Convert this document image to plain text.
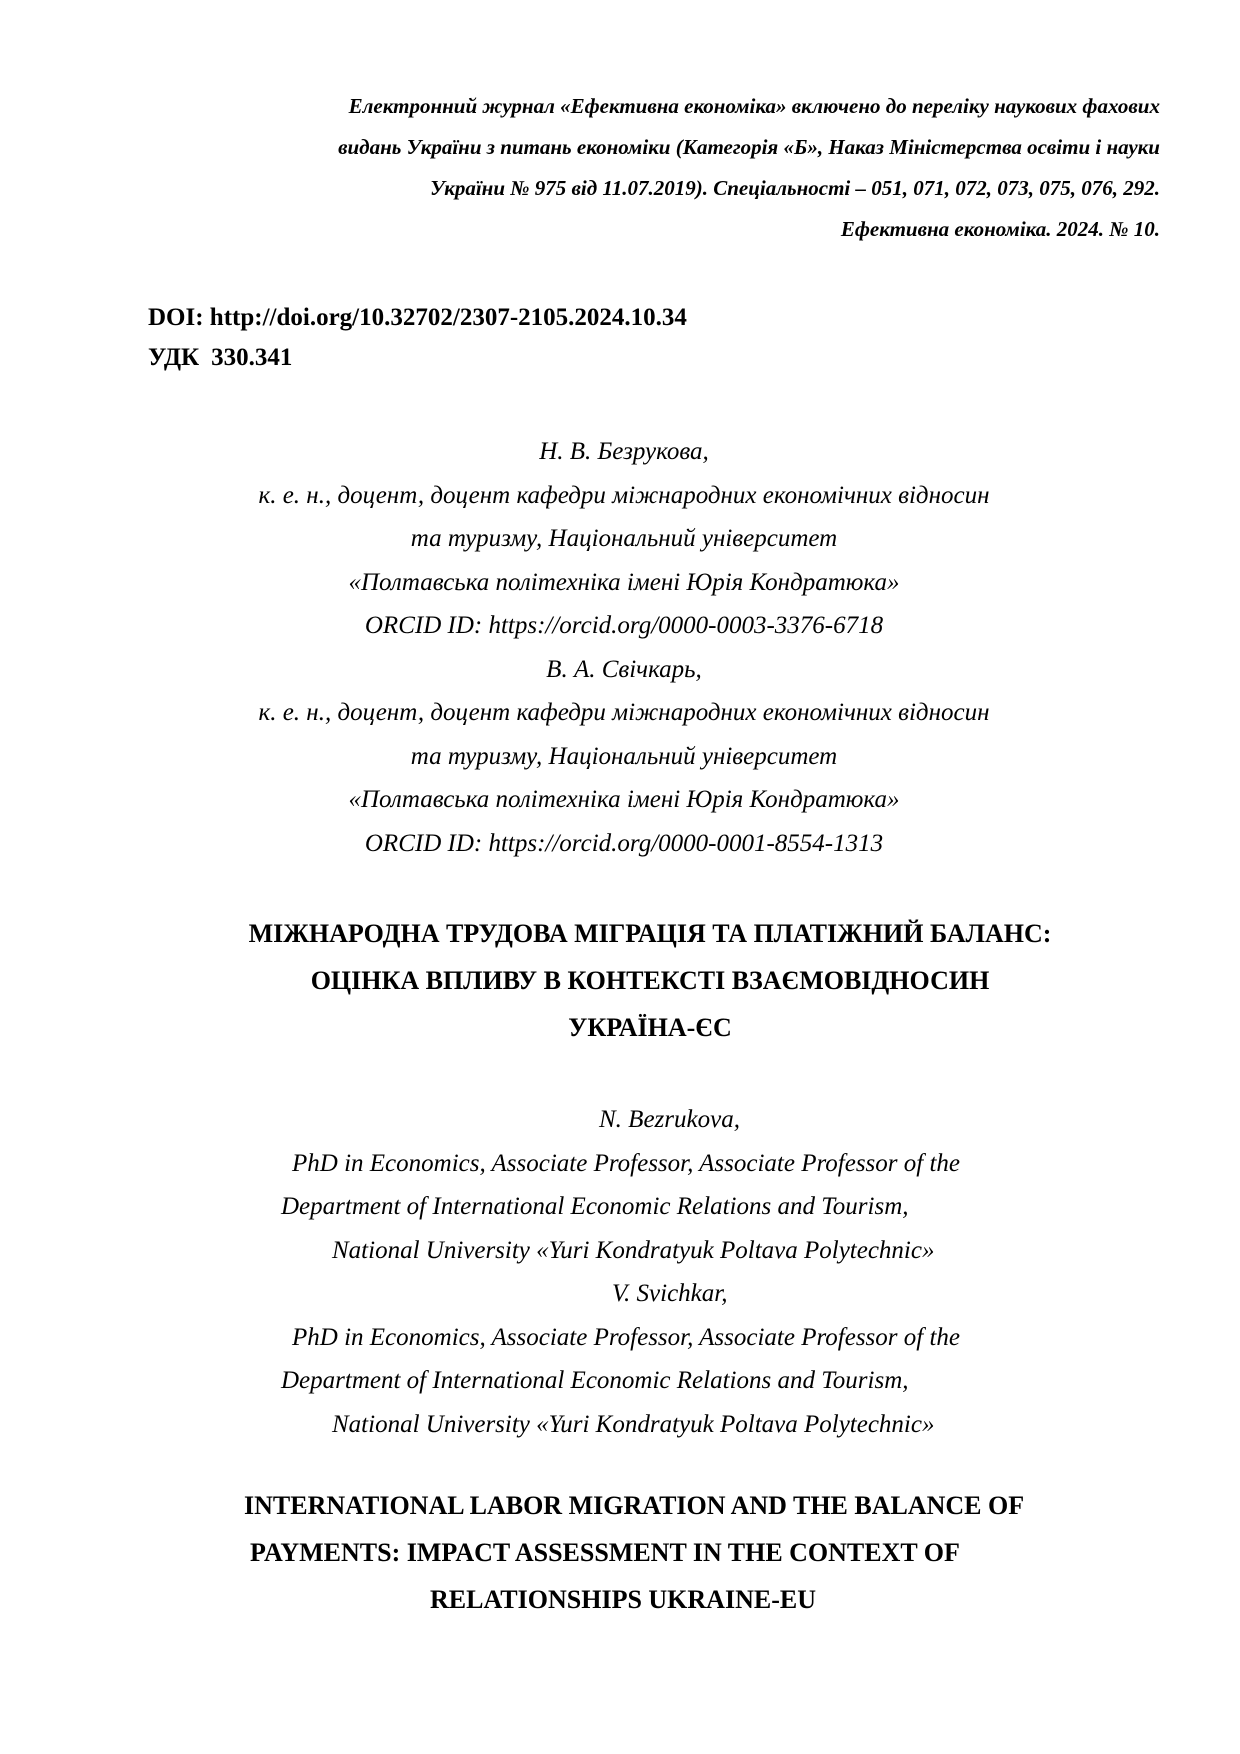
Електронний журнал «Ефективна економіка» включено до переліку наукових фахових
видань України з питань економіки (Категорія «Б», Наказ Міністерства освіти і науки
України № 975 від 11.07.2019). Спеціальності – 051, 071, 072, 073, 075, 076, 292.
Ефективна економіка. 2024. № 10.
DOI: http://doi.org/10.32702/2307-2105.2024.10.34
УДК 330.341
Н. В. Безрукова,
к. е. н., доцент, доцент кафедри міжнародних економічних відносин
та туризму, Національний університет
«Полтавська політехніка імені Юрія Кондратюка»
ORCID ID: https://orcid.org/0000-0003-3376-6718
В. А. Свічкарь,
к. е. н., доцент, доцент кафедри міжнародних економічних відносин
та туризму, Національний університет
«Полтавська політехніка імені Юрія Кондратюка»
ORCID ID: https://orcid.org/0000-0001-8554-1313
МІЖНАРОДНА ТРУДОВА МІГРАЦІЯ ТА ПЛАТІЖНИЙ БАЛАНС:
ОЦІНКА ВПЛИВУ В КОНТЕКСТІ ВЗАЄМОВІДНОСИН
УКРАЇНА-ЄС
N. Bezrukova,
PhD in Economics, Associate Professor, Associate Professor of the
Department of International Economic Relations and Tourism,
National University «Yuri Kondratyuk Poltava Polytechnic»
V. Svichkar,
PhD in Economics, Associate Professor, Associate Professor of the
Department of International Economic Relations and Tourism,
National University «Yuri Kondratyuk Poltava Polytechnic»
INTERNATIONAL LABOR MIGRATION AND THE BALANCE OF
PAYMENTS: IMPACT ASSESSMENT IN THE CONTEXT OF
RELATIONSHIPS UKRAINE-EU
